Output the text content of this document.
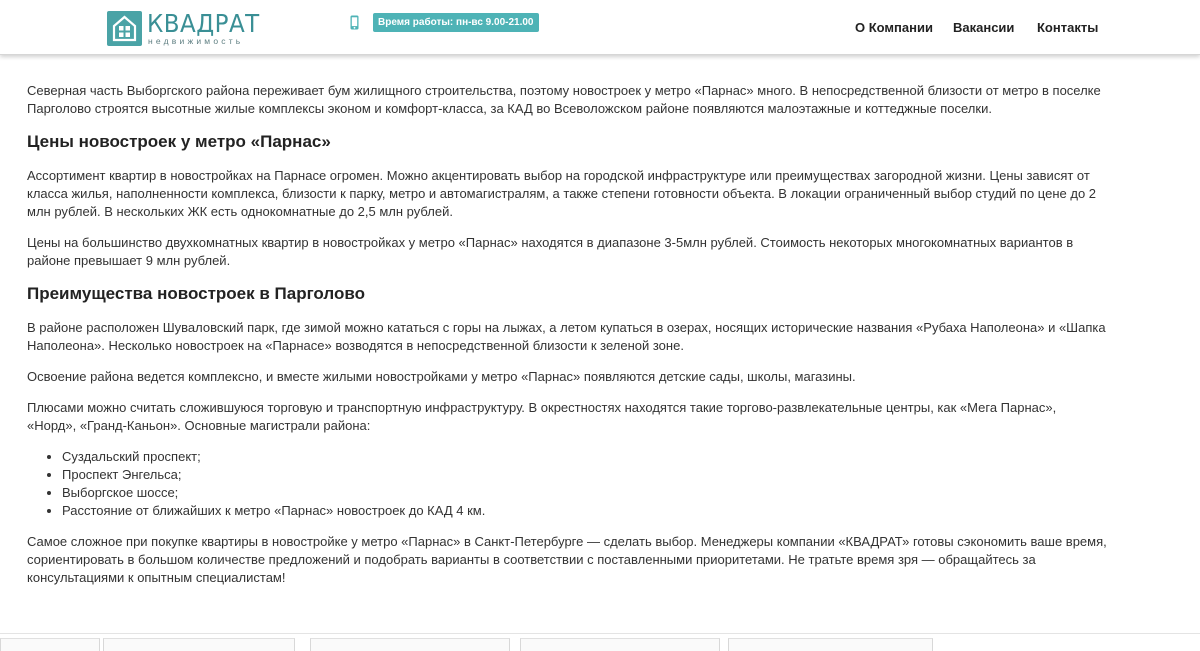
КВАДРАТ
недвижимость
Время работы: пн-вс 9.00-21.00	О Компании Вакансии Контакты

Северная часть Выборгского района переживает бум жилищного строительства, поэтому новостроек у метро «Парнас» много. В непосредственной близости от метро в поселке Парголово строятся высотные жилые комплексы эконом и комфорт-класса, за КАД во Всеволожском районе появляются малоэтажные и коттеджные поселки.

Цены новостроек у метро «Парнас»

Ассортимент квартир в новостройках на Парнасе огромен. Можно акцентировать выбор на городской инфраструктуре или преимуществах загородной жизни. Цены зависят от класса жилья, наполненности комплекса, близости к парку, метро и автомагистралям, а также степени готовности объекта. В локации ограниченный выбор студий по цене до 2 млн рублей. В нескольких ЖК есть однокомнатные до 2,5 млн рублей.

Цены на большинство двухкомнатных квартир в новостройках у метро «Парнас» находятся в диапазоне 3-5млн рублей. Стоимость некоторых многокомнатных вариантов в районе превышает 9 млн рублей.

Преимущества новостроек в Парголово

В районе расположен Шуваловский парк, где зимой можно кататься с горы на лыжах, а летом купаться в озерах, носящих исторические названия «Рубаха Наполеона» и «Шапка Наполеона». Несколько новостроек на «Парнасе» возводятся в непосредственной близости к зеленой зоне.

Освоение района ведется комплексно, и вместе жилыми новостройками у метро «Парнас» появляются детские сады, школы, магазины.

Плюсами можно считать сложившуюся торговую и транспортную инфраструктуру. В окрестностях находятся такие торгово-развлекательные центры, как «Мега Парнас», «Норд», «Гранд-Каньон». Основные магистрали района:

• Суздальский проспект;
• Проспект Энгельса;
• Выборгское шоссе;
• Расстояние от ближайших к метро «Парнас» новостроек до КАД 4 км.

Самое сложное при покупке квартиры в новостройке у метро «Парнас» в Санкт-Петербурге — сделать выбор. Менеджеры компании «КВАДРАТ» готовы сэкономить ваше время, сориентировать в большом количестве предложений и подобрать варианты в соответствии с поставленными приоритетами. Не тратьте время зря — обращайтесь за консультациями к опытным специалистам!
